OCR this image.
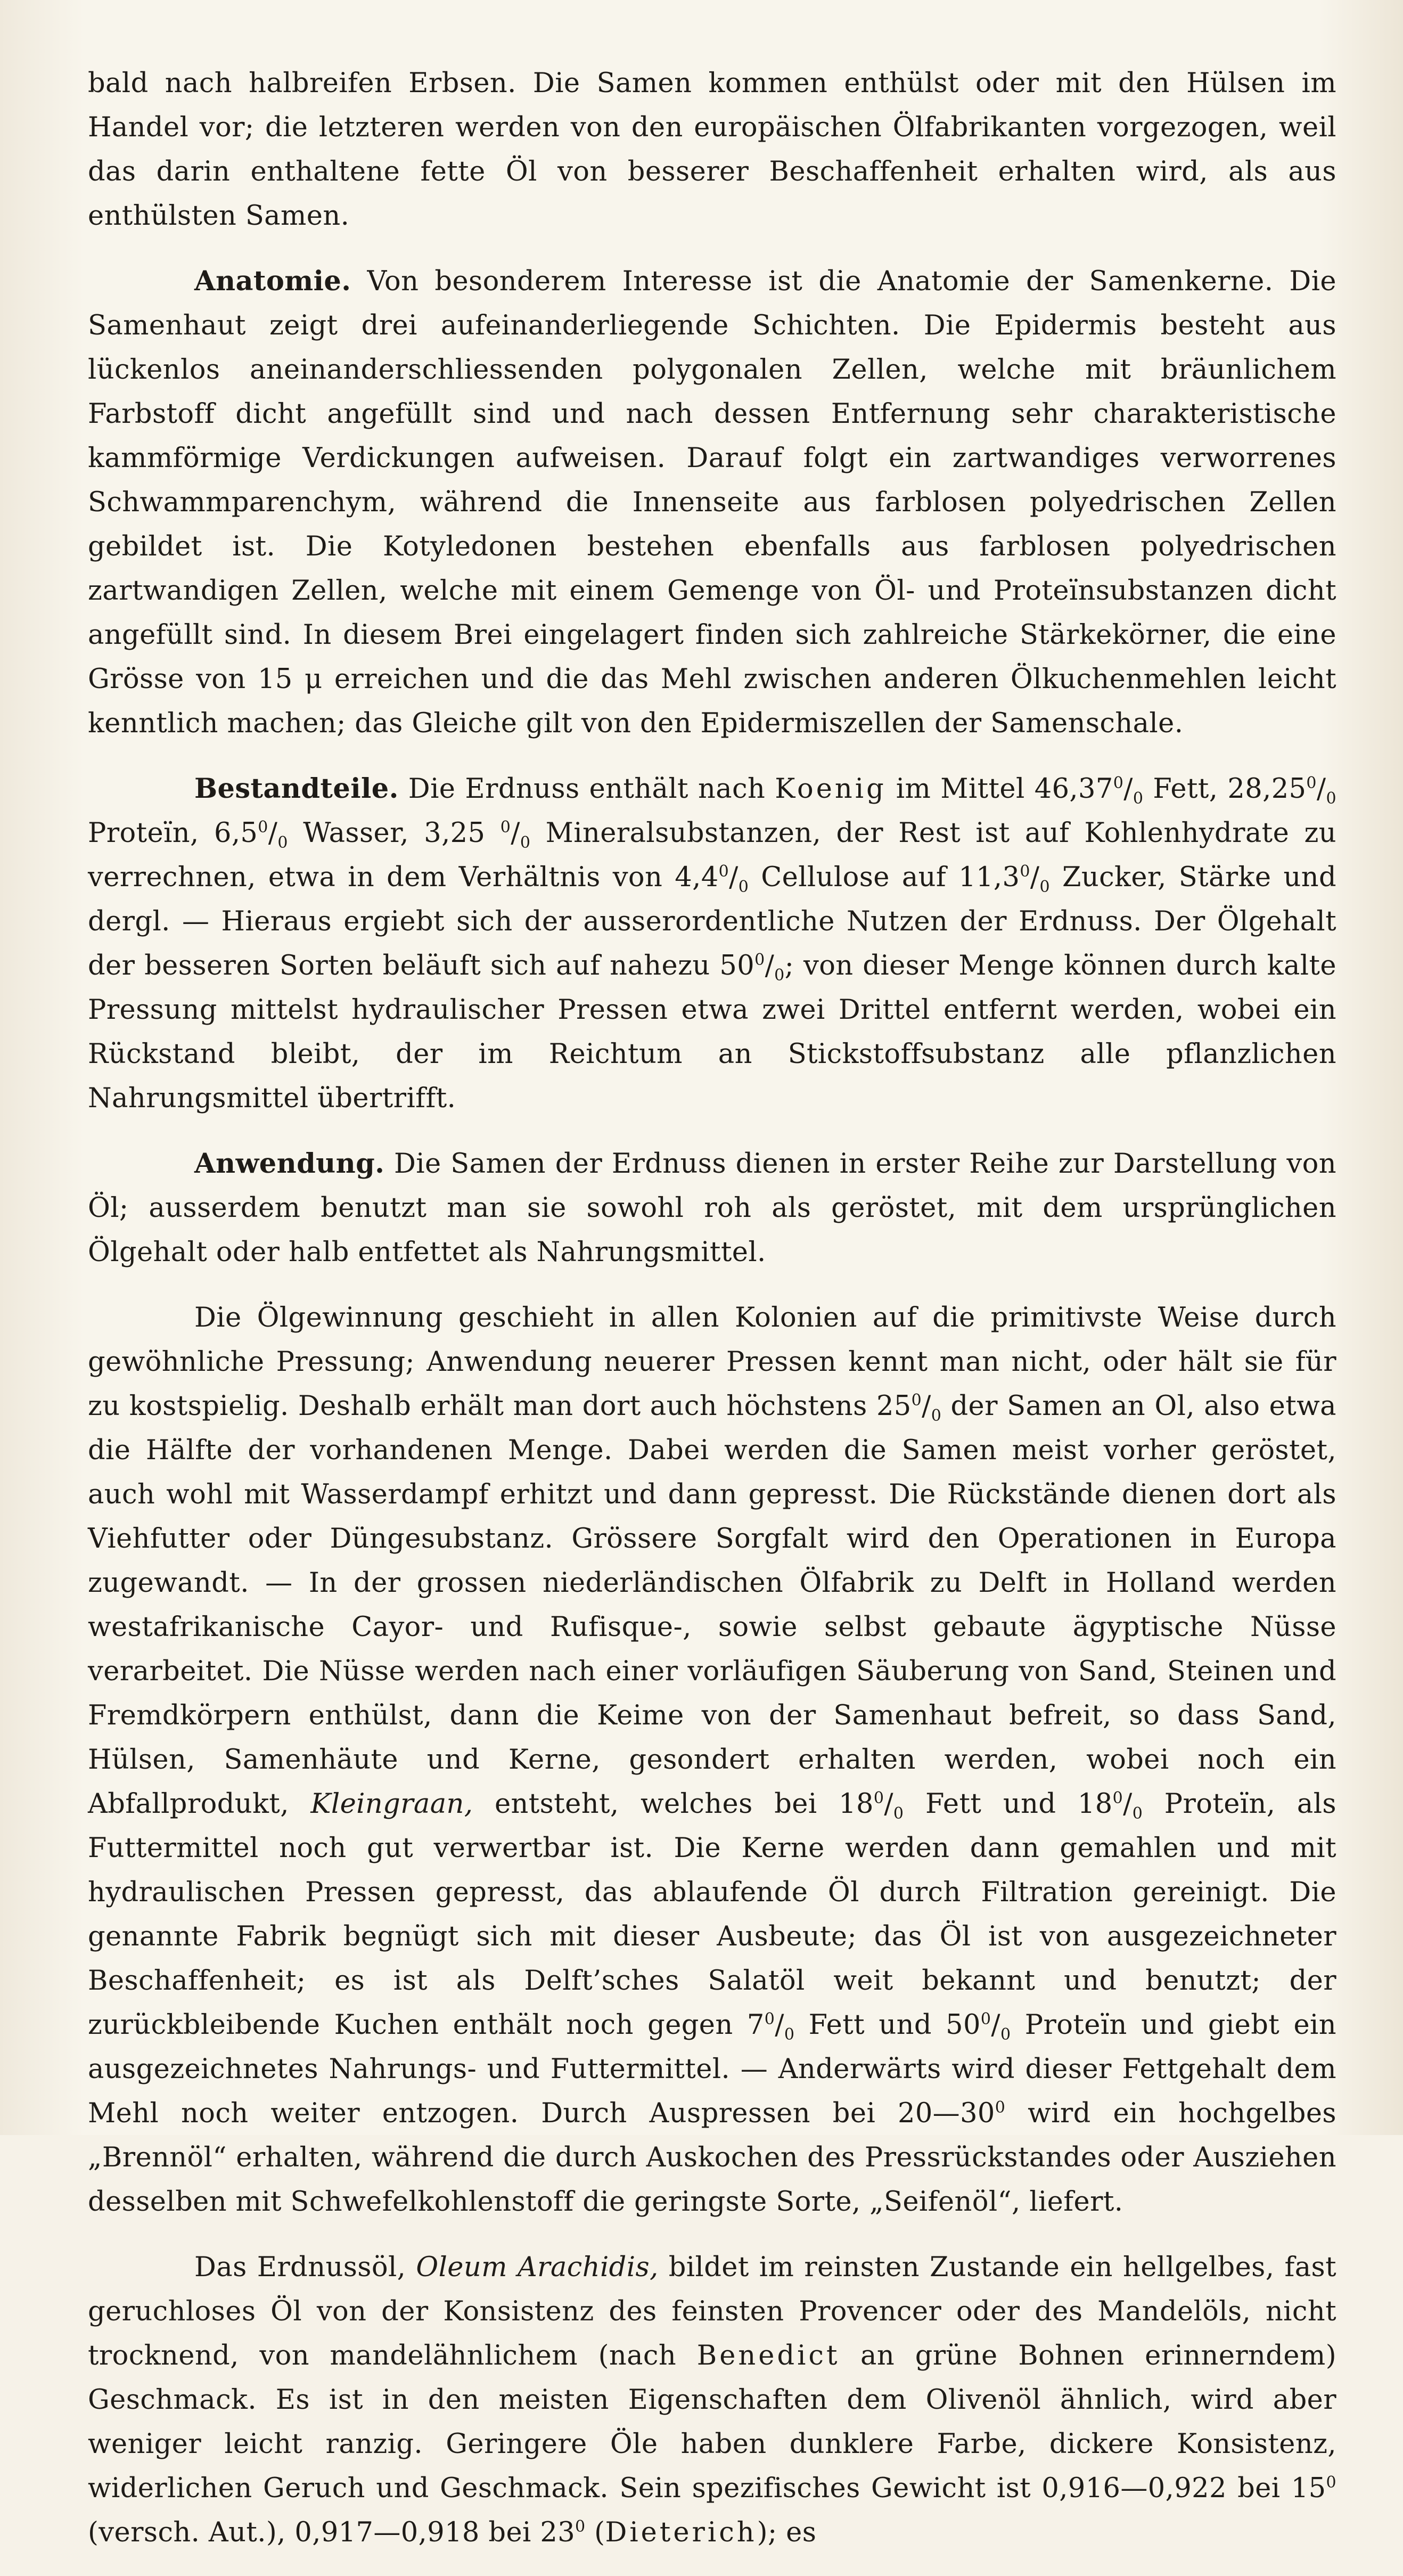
bald nach halbreifen Erbsen. Die Samen kommen enthülst oder mit den Hülsen im Handel vor; die letzteren werden von den europäischen Ölfabrikanten vorgezogen, weil das darin enthaltene fette Öl von besserer Beschaffenheit erhalten wird, als aus enthülsten Samen.

Anatomie. Von besonderem Interesse ist die Anatomie der Samenkerne. Die Samenhaut zeigt drei aufeinanderliegende Schichten. Die Epidermis besteht aus lückenlos aneinanderschliessenden polygonalen Zellen, welche mit bräunlichem Farbstoff dicht angefüllt sind und nach dessen Entfernung sehr charakteristische kammförmige Verdickungen aufweisen. Darauf folgt ein zartwandiges verworrenes Schwammparenchym, während die Innenseite aus farblosen polyedrischen Zellen gebildet ist. Die Kotyledonen bestehen ebenfalls aus farblosen polyedrischen zartwandigen Zellen, welche mit einem Gemenge von Öl- und Proteïnsubstanzen dicht angefüllt sind. In diesem Brei eingelagert finden sich zahlreiche Stärkekörner, die eine Grösse von 15 μ erreichen und die das Mehl zwischen anderen Ölkuchenmehlen leicht kenntlich machen; das Gleiche gilt von den Epidermiszellen der Samenschale.

Bestandteile. Die Erdnuss enthält nach Koenig im Mittel $46,37^0/_0$ Fett, $28,25^0/_0$ Proteïn, $6,5^0/_0$ Wasser, 3,25 $^0/_0$ Mineralsubstanzen, der Rest ist auf Kohlenhydrate zu verrechnen, etwa in dem Verhältnis von $4,4^0/_0$ Cellulose auf $11,3^0/_0$ Zucker, Stärke und dergl. — Hieraus ergiebt sich der ausserordentliche Nutzen der Erdnuss. Der Ölgehalt der besseren Sorten beläuft sich auf nahezu $50^0/_0$; von dieser Menge können durch kalte Pressung mittelst hydraulischer Pressen etwa zwei Drittel entfernt werden, wobei ein Rückstand bleibt, der im Reichtum an Stickstoffsubstanz alle pflanzlichen Nahrungsmittel übertrifft.

Anwendung. Die Samen der Erdnuss dienen in erster Reihe zur Darstellung von Öl; ausserdem benutzt man sie sowohl roh als geröstet, mit dem ursprünglichen Ölgehalt oder halb entfettet als Nahrungsmittel.

Die Ölgewinnung geschieht in allen Kolonien auf die primitivste Weise durch gewöhnliche Pressung; Anwendung neuerer Pressen kennt man nicht, oder hält sie für zu kostspielig. Deshalb erhält man dort auch höchstens $25^0/_0$ der Samen an Ol, also etwa die Hälfte der vorhandenen Menge. Dabei werden die Samen meist vorher geröstet, auch wohl mit Wasserdampf erhitzt und dann gepresst. Die Rückstände dienen dort als Viehfutter oder Düngesubstanz. Grössere Sorgfalt wird den Operationen in Europa zugewandt. — In der grossen niederländischen Ölfabrik zu Delft in Holland werden westafrikanische Cayor- und Rufisque-, sowie selbst gebaute ägyptische Nüsse verarbeitet. Die Nüsse werden nach einer vorläufigen Säuberung von Sand, Steinen und Fremdkörpern enthülst, dann die Keime von der Samenhaut befreit, so dass Sand, Hülsen, Samenhäute und Kerne, gesondert erhalten werden, wobei noch ein Abfallprodukt, Kleingraan, entsteht, welches bei $18^0/_0$ Fett und $18^0/_0$ Proteïn, als Futtermittel noch gut verwertbar ist. Die Kerne werden dann gemahlen und mit hydraulischen Pressen gepresst, das ablaufende Öl durch Filtration gereinigt. Die genannte Fabrik begnügt sich mit dieser Ausbeute; das Öl ist von ausgezeichneter Beschaffenheit; es ist als Delft’sches Salatöl weit bekannt und benutzt; der zurückbleibende Kuchen enthält noch gegen $7^0/_0$ Fett und $50^0/_0$ Proteïn und giebt ein ausgezeichnetes Nahrungs- und Futtermittel. — Anderwärts wird dieser Fettgehalt dem Mehl noch weiter entzogen. Durch Auspressen bei $20—30^0$ wird ein hochgelbes „Brennöl“ erhalten, während die durch Auskochen des Pressrückstandes oder Ausziehen desselben mit Schwefelkohlenstoff die geringste Sorte, „Seifenöl“, liefert.

Das Erdnussöl, Oleum Arachidis, bildet im reinsten Zustande ein hellgelbes, fast geruchloses Öl von der Konsistenz des feinsten Provencer oder des Mandelöls, nicht trocknend, von mandelähnlichem (nach Benedict an grüne Bohnen erinnerndem) Geschmack. Es ist in den meisten Eigenschaften dem Olivenöl ähnlich, wird aber weniger leicht ranzig. Geringere Öle haben dunklere Farbe, dickere Konsistenz, widerlichen Geruch und Geschmack. Sein spezifisches Gewicht ist 0,916—0,922 bei $15^0$ (versch. Aut.), 0,917—0,918 bei $23^0$ (Dieterich); es
